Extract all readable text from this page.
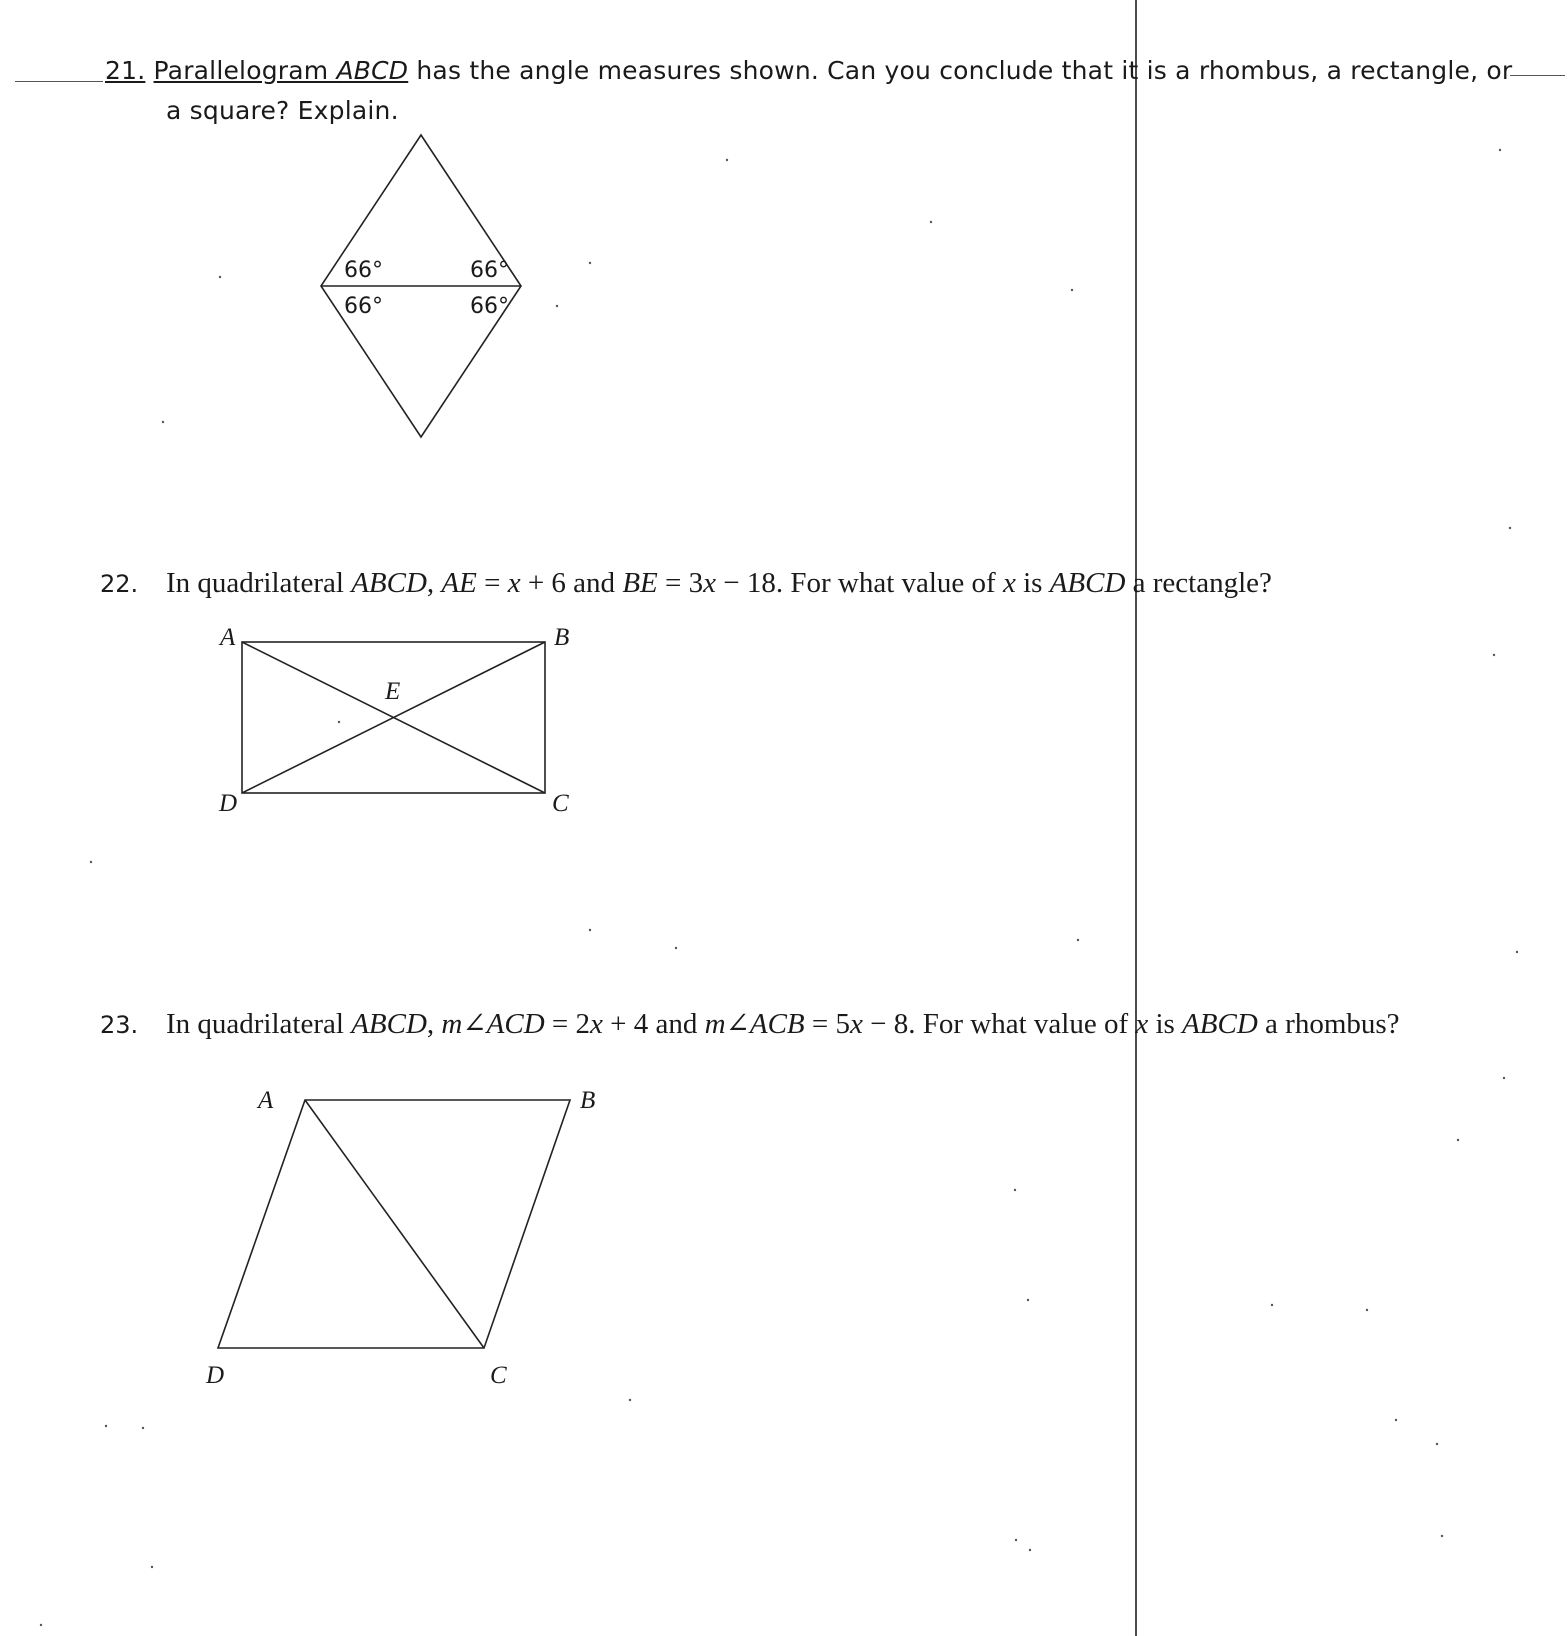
21. Parallelogram ABCD has the angle measures shown. Can you conclude that it is a rhombus, a rectangle, or
a square? Explain.
66°	66°
66°	66°
22. In quadrilateral ABCD, AE = x + 6 and BE = 3x − 18. For what value of x is ABCD a rectangle?
A	B
C
D
E
23. In quadrilateral ABCD, m∠ACD = 2x + 4 and m∠ACB = 5x − 8. For what value of x is ABCD a rhombus?
A	B
C
D
